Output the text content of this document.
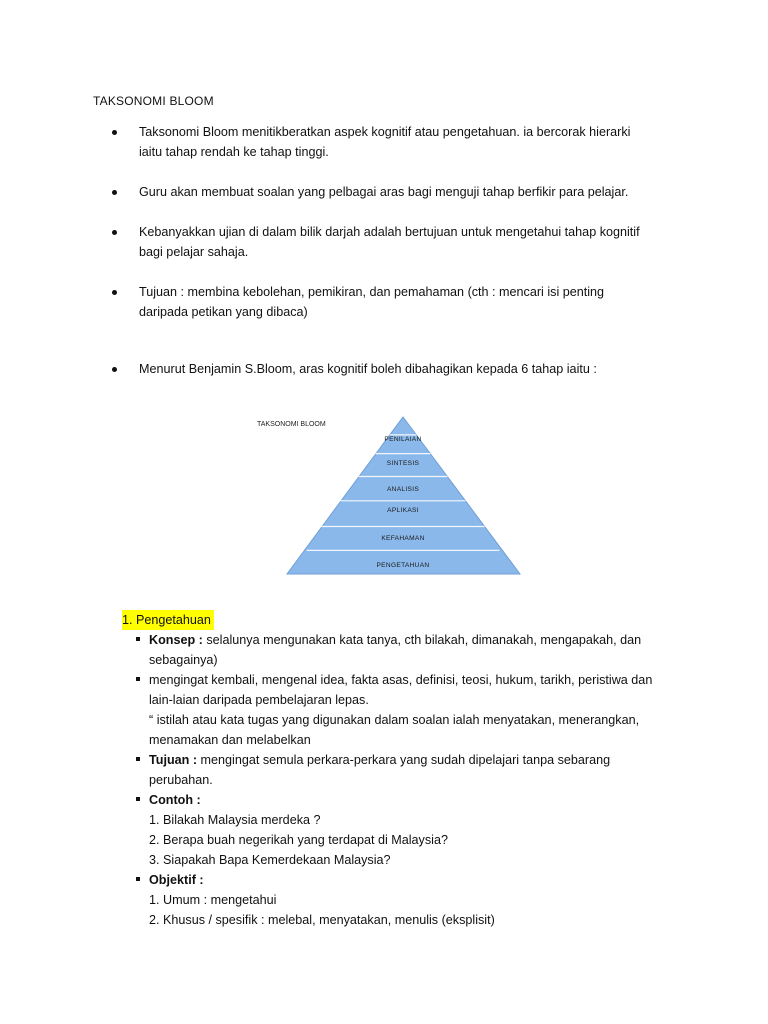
TAKSONOMI BLOOM
Taksonomi Bloom menitikberatkan aspek kognitif atau pengetahuan. ia bercorak hierarki
iaitu tahap rendah ke tahap tinggi.
Guru akan membuat soalan yang pelbagai aras bagi menguji tahap berfikir para pelajar.
Kebanyakkan ujian di dalam bilik darjah adalah bertujuan untuk mengetahui tahap kognitif
bagi pelajar sahaja.
Tujuan : membina kebolehan, pemikiran, dan pemahaman (cth : mencari isi penting
daripada petikan yang dibaca)
Menurut Benjamin S.Bloom, aras kognitif boleh dibahagikan kepada 6 tahap iaitu :
TAKSONOMI BLOOM
PENILAIAN
SINTESIS
ANALISIS
APLIKASI
KEFAHAMAN
PENGETAHUAN
1. Pengetahuan
Konsep : selalunya mengunakan kata tanya, cth bilakah, dimanakah, mengapakah, dan
sebagainya)
mengingat kembali, mengenal idea, fakta asas, definisi, teosi, hukum, tarikh, peristiwa dan
lain-laian daripada pembelajaran lepas.
“ istilah atau kata tugas yang digunakan dalam soalan ialah menyatakan, menerangkan,
menamakan dan melabelkan
Tujuan : mengingat semula perkara-perkara yang sudah dipelajari tanpa sebarang
perubahan.
Contoh :
1. Bilakah Malaysia merdeka ?
2. Berapa buah negerikah yang terdapat di Malaysia?
3. Siapakah Bapa Kemerdekaan Malaysia?
Objektif :
1. Umum : mengetahui
2. Khusus / spesifik : melebal, menyatakan, menulis (eksplisit)
